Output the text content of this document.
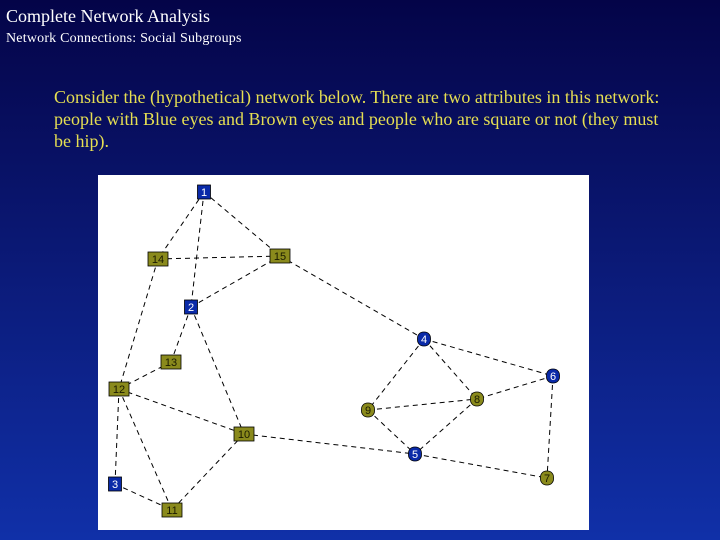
Complete Network Analysis
Network Connections: Social Subgroups
Consider the (hypothetical) network below. There are two attributes in this network: people with Blue eyes and Brown eyes and people who are square or not (they must be hip).
1
2
3
4
5
6
7
8
9
10
11
12
13
14	15
